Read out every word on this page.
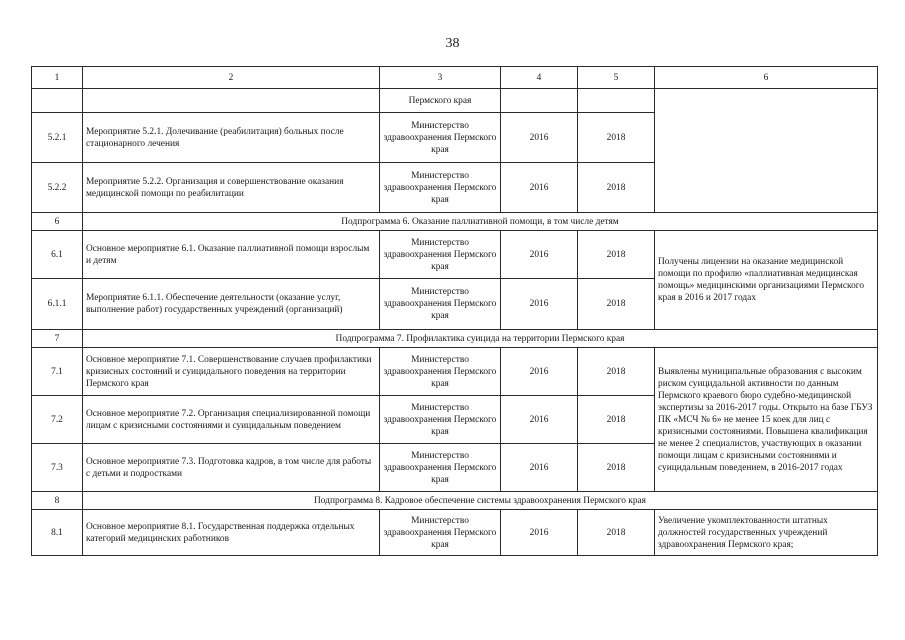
38
1	2	3	4	5	6
		Пермского края			
5.2.1	Мероприятие 5.2.1. Долечивание (реабилитация) больных после стационарного лечения	Министерство здравоохранения Пермского края	2016	2018	
5.2.2	Мероприятие 5.2.2. Организация и совершенствование оказания медицинской помощи по реабилитации	Министерство здравоохранения Пермского края	2016	2018	
6	Подпрограмма 6. Оказание паллиативной помощи, в том числе детям				
6.1	Основное мероприятие 6.1. Оказание паллиативной помощи взрослым и детям	Министерство здравоохранения Пермского края	2016	2018	Получены лицензии на оказание медицинской помощи по профилю «паллиативная медицинская помощь» медицинскими организациями Пермского края в 2016 и 2017 годах
6.1.1	Мероприятие 6.1.1. Обеспечение деятельности (оказание услуг, выполнение работ) государственных учреждений (организаций)	Министерство здравоохранения Пермского края	2016	2018	
7	Подпрограмма 7. Профилактика суицида на территории Пермского края				
7.1	Основное мероприятие 7.1. Совершенствование случаев профилактики кризисных состояний и суицидального поведения на территории Пермского края	Министерство здравоохранения Пермского края	2016	2018	Выявлены муниципальные образования с высоким риском суицидальной активности по данным Пермского краевого бюро судебно-медицинской экспертизы за 2016-2017 годы. Открыто на базе ГБУЗ ПК «МСЧ № 6» не менее 15 коек для лиц с кризисными состояниями. Повышена квалификация не менее 2 специалистов, участвующих в оказании помощи лицам с кризисными состояниями и суицидальным поведением, в 2016-2017 годах
7.2	Основное мероприятие 7.2. Организация специализированной помощи лицам с кризисными состояниями и суицидальным поведением	Министерство здравоохранения Пермского края	2016	2018	
7.3	Основное мероприятие 7.3. Подготовка кадров, в том числе для работы с детьми и подростками	Министерство здравоохранения Пермского края	2016	2018	
8	Подпрограмма 8. Кадровое обеспечение системы здравоохранения Пермского края				
8.1	Основное мероприятие 8.1. Государственная поддержка отдельных категорий медицинских работников	Министерство здравоохранения Пермского края	2016	2018	Увеличение укомплектованности штатных должностей государственных учреждений здравоохранения Пермского края;
